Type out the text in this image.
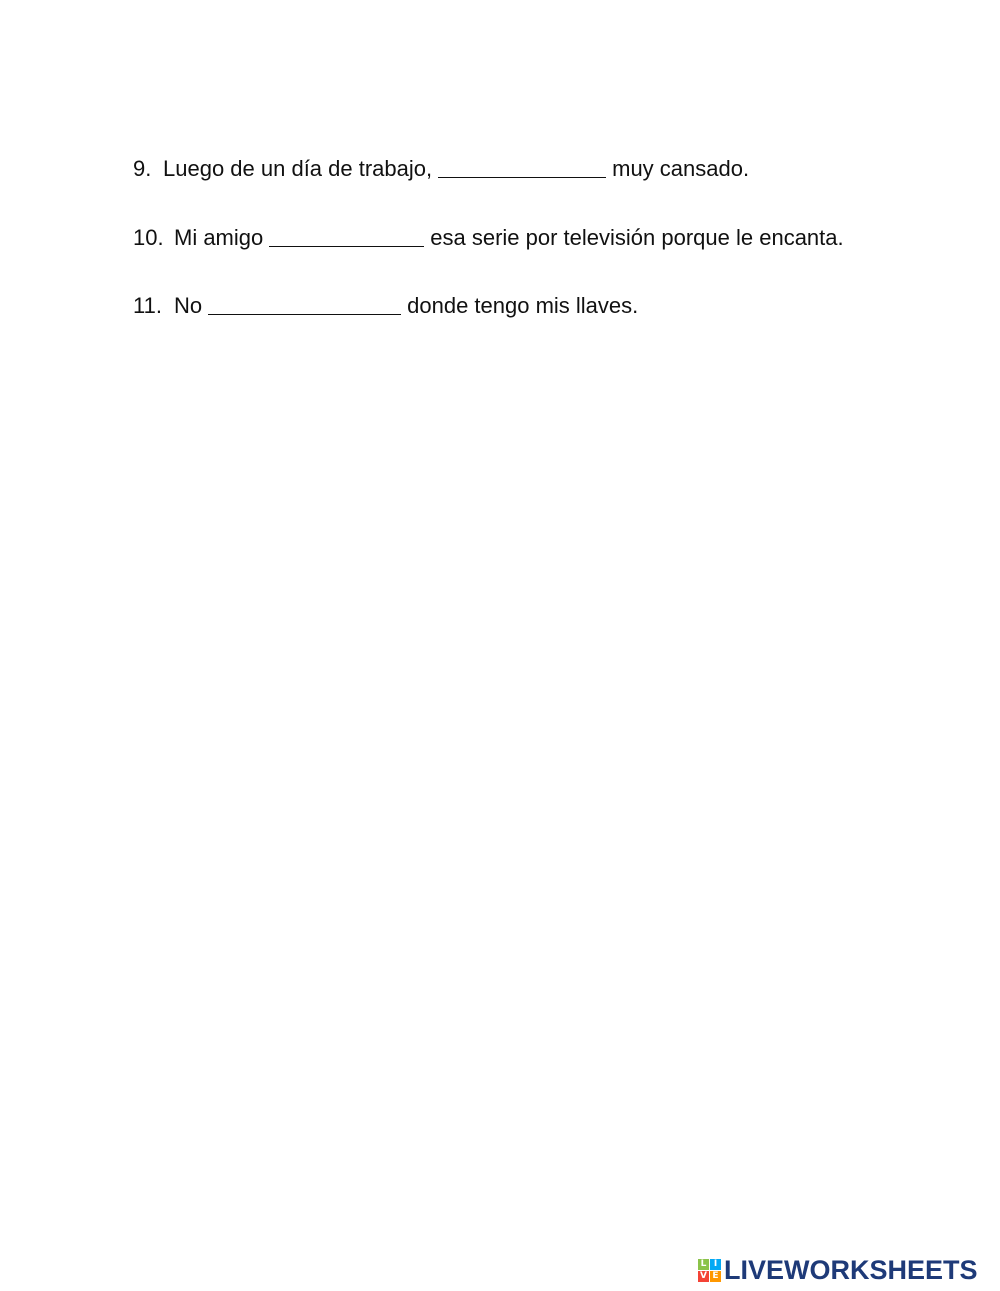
9. Luego de un día de trabajo,	muy cansado.
10. Mi amigo	esa serie por televisión porque le encanta.
11. No	donde tengo mis llaves.
L I
V E LIVEWORKSHEETS
